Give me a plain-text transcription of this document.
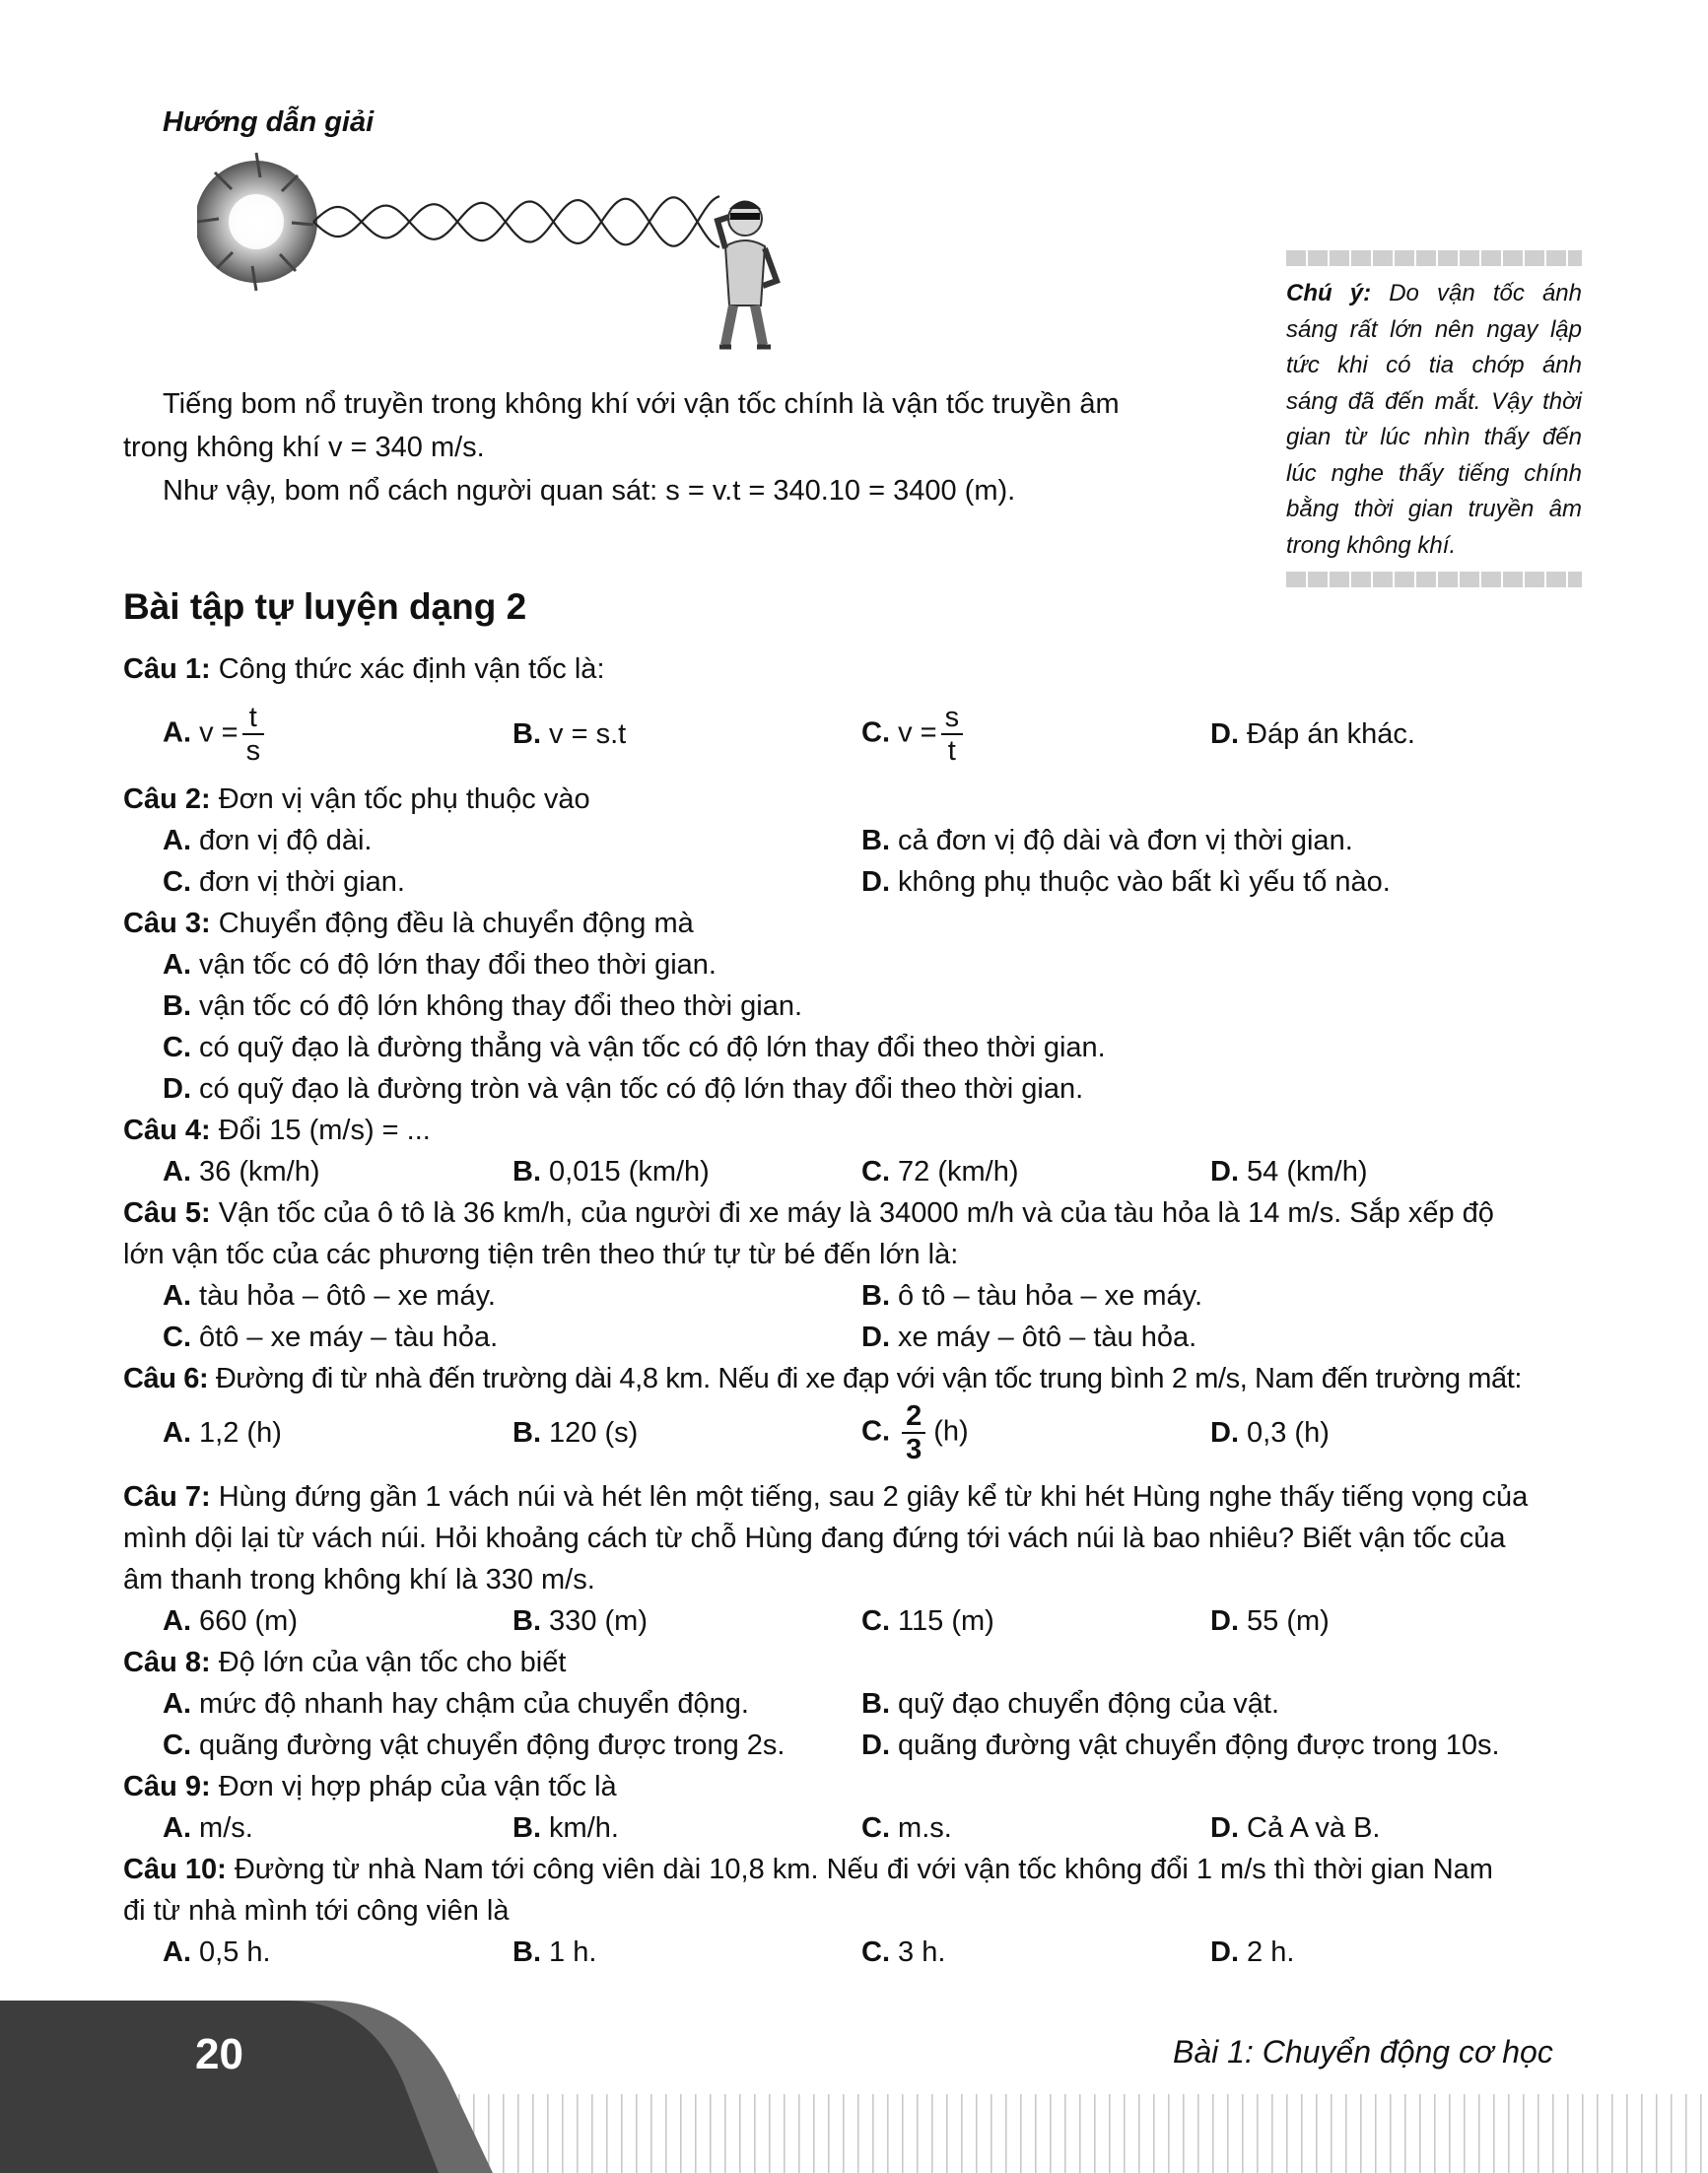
Hướng dẫn giải
Chú ý: Do vận tốc ánh sáng rất lớn nên ngay lập tức khi có tia chớp ánh sáng đã đến mắt. Vậy thời gian từ lúc nhìn thấy đến lúc nghe thấy tiếng chính bằng thời gian truyền âm trong không khí.
Tiếng bom nổ truyền trong không khí với vận tốc chính là vận tốc truyền âm
trong không khí v = 340 m/s.
Như vậy, bom nổ cách người quan sát: s = v.t = 340.10 = 3400 (m).
Bài tập tự luyện dạng 2
Câu 1: Công thức xác định vận tốc là:
A. $v = \frac{t}{s}$	B. v = s.t	C. $v = \frac{s}{t}$	D. Đáp án khác.
Câu 2: Đơn vị vận tốc phụ thuộc vào
A. đơn vị độ dài.	B. cả đơn vị độ dài và đơn vị thời gian.
C. đơn vị thời gian.	D. không phụ thuộc vào bất kì yếu tố nào.
Câu 3: Chuyển động đều là chuyển động mà
A. vận tốc có độ lớn thay đổi theo thời gian.
B. vận tốc có độ lớn không thay đổi theo thời gian.
C. có quỹ đạo là đường thẳng và vận tốc có độ lớn thay đổi theo thời gian.
D. có quỹ đạo là đường tròn và vận tốc có độ lớn thay đổi theo thời gian.
Câu 4: Đổi 15 (m/s) = ...
A. 36 (km/h)	B. 0,015 (km/h)	C. 72 (km/h)	D. 54 (km/h)
Câu 5: Vận tốc của ô tô là 36 km/h, của người đi xe máy là 34000 m/h và của tàu hỏa là 14 m/s. Sắp xếp độ
lớn vận tốc của các phương tiện trên theo thứ tự từ bé đến lớn là:
A. tàu hỏa – ôtô – xe máy.	B. ô tô – tàu hỏa – xe máy.
C. ôtô – xe máy – tàu hỏa.	D. xe máy – ôtô – tàu hỏa.
Câu 6: Đường đi từ nhà đến trường dài 4,8 km. Nếu đi xe đạp với vận tốc trung bình 2 m/s, Nam đến trường mất:
A. 1,2 (h)	B. 120 (s)	C. $\frac{2}{3} (h)$	D. 0,3 (h)
Câu 7: Hùng đứng gần 1 vách núi và hét lên một tiếng, sau 2 giây kể từ khi hét Hùng nghe thấy tiếng vọng của
mình dội lại từ vách núi. Hỏi khoảng cách từ chỗ Hùng đang đứng tới vách núi là bao nhiêu? Biết vận tốc của
âm thanh trong không khí là 330 m/s.
A. 660 (m)	B. 330 (m)	C. 115 (m)	D. 55 (m)
Câu 8: Độ lớn của vận tốc cho biết
A. mức độ nhanh hay chậm của chuyển động.	B. quỹ đạo chuyển động của vật.
C. quãng đường vật chuyển động được trong 2s.	D. quãng đường vật chuyển động được trong 10s.
Câu 9: Đơn vị hợp pháp của vận tốc là
A. m/s.	B. km/h.	C. m.s.	D. Cả A và B.
Câu 10: Đường từ nhà Nam tới công viên dài 10,8 km. Nếu đi với vận tốc không đổi 1 m/s thì thời gian Nam
đi từ nhà mình tới công viên là
A. 0,5 h.	B. 1 h.	C. 3 h.	D. 2 h.
20	Bài 1: Chuyển động cơ học
